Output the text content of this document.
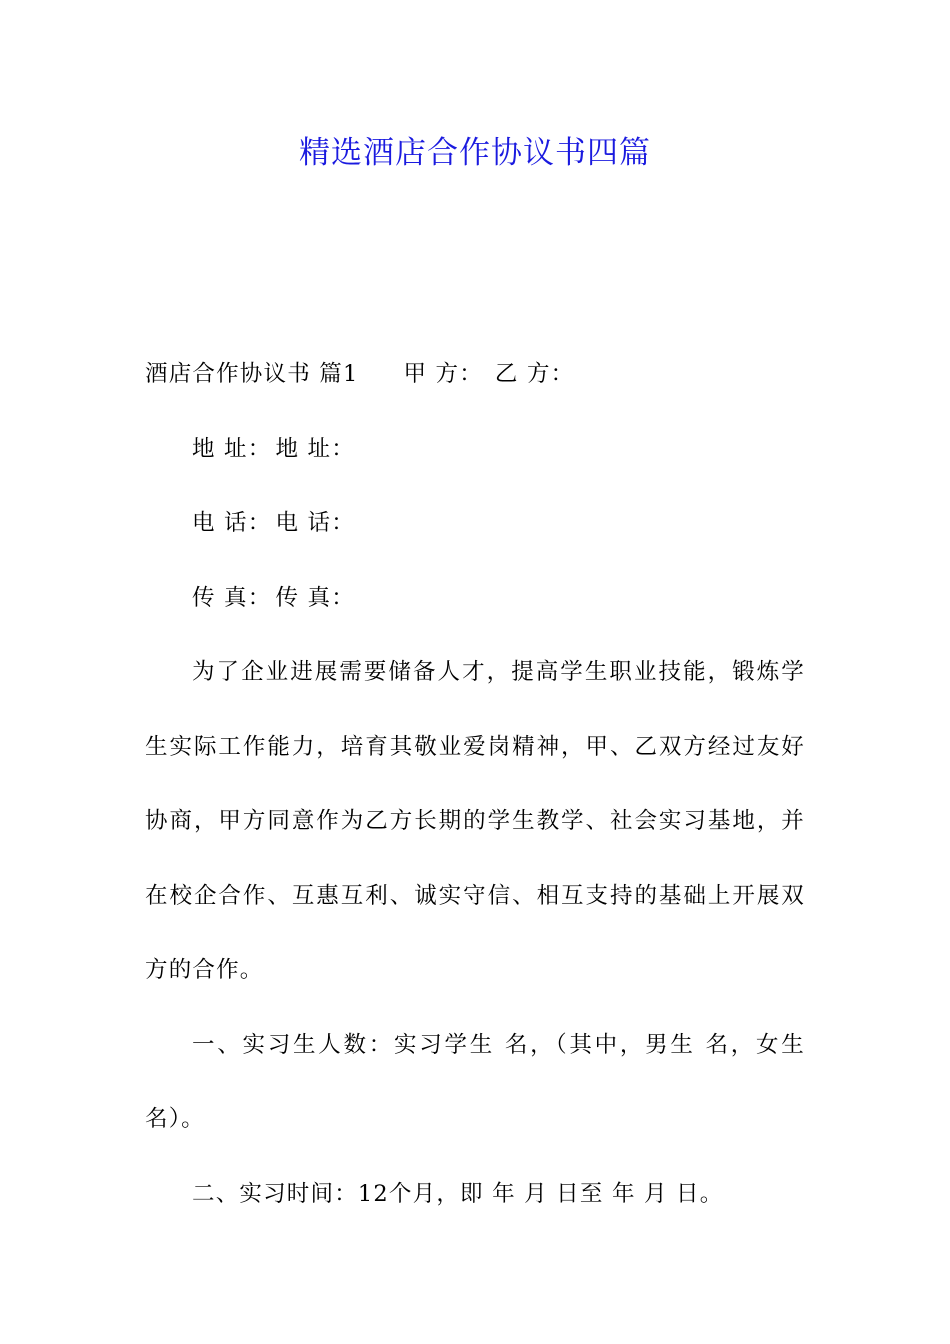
精选酒店合作协议书四篇
酒店合作协议书 篇1 甲 方： 乙 方：
地 址： 地 址：
电 话： 电 话：
传 真： 传 真：
为了企业进展需要储备人才，提高学生职业技能，锻炼学
生实际工作能力，培育其敬业爱岗精神，甲、乙双方经过友好
协商，甲方同意作为乙方长期的学生教学、社会实习基地，并
在校企合作、互惠互利、诚实守信、相互支持的基础上开展双
方的合作。
一、实习生人数：实习学生 名，（其中，男生 名，女生
名）。
二、实习时间：12个月，即 年 月 日至 年 月 日。
